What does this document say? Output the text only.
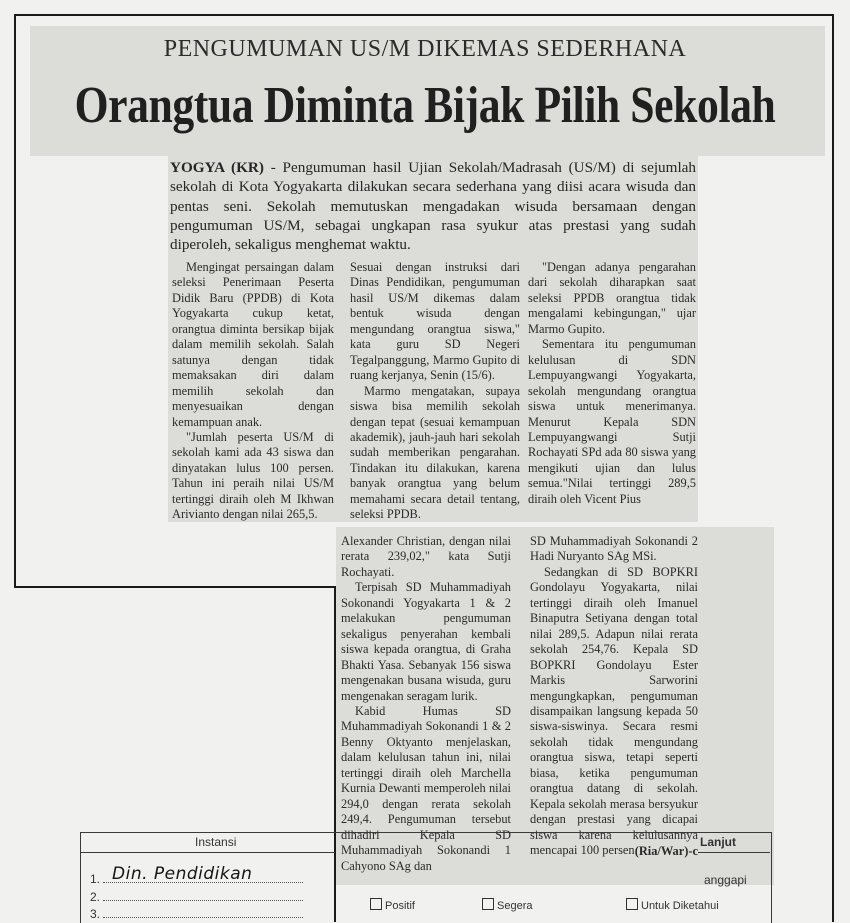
PENGUMUMAN US/M DIKEMAS SEDERHANA
Orangtua Diminta Bijak Pilih Sekolah
YOGYA (KR) - Pengumuman hasil Ujian Sekolah/Madrasah (US/M) di sejumlah sekolah di Kota Yogyakarta dilakukan secara sederhana yang diisi acara wisuda dan pentas seni. Sekolah memutuskan mengadakan wisuda bersamaan dengan pengumuman US/M, sebagai ungkapan rasa syukur atas prestasi yang sudah diperoleh, sekaligus menghemat waktu.

Mengingat persaingan dalam seleksi Penerimaan Peserta Didik Baru (PPDB) di Kota Yogyakarta cukup ketat, orangtua diminta bersikap bijak dalam memilih sekolah. Salah satunya dengan tidak memaksakan diri dalam memilih sekolah dan menyesuaikan dengan kemampuan anak.

"Jumlah peserta US/M di sekolah kami ada 43 siswa dan dinyatakan lulus 100 persen. Tahun ini peraih nilai US/M tertinggi diraih oleh M Ikhwan Arivianto dengan nilai 265,5.

Sesuai dengan instruksi dari Dinas Pendidikan, pengumuman hasil US/M dikemas dalam bentuk wisuda dengan mengundang orangtua siswa," kata guru SD Negeri Tegalpanggung, Marmo Gupito di ruang kerjanya, Senin (15/6).

Marmo mengatakan, supaya siswa bisa memilih sekolah dengan tepat (sesuai kemampuan akademik), jauh-jauh hari sekolah sudah memberikan pengarahan. Tindakan itu dilakukan, karena banyak orangtua yang belum memahami secara detail tentang, seleksi PPDB.

"Dengan adanya pengarahan dari sekolah diharapkan saat seleksi PPDB orangtua tidak mengalami kebingungan," ujar Marmo Gupito.

Sementara itu pengumuman kelulusan di SDN Lempuyangwangi Yogyakarta, sekolah mengundang orangtua siswa untuk menerimanya. Menurut Kepala SDN Lempuyangwangi Sutji Rochayati SPd ada 80 siswa yang mengikuti ujian dan lulus semua."Nilai tertinggi 289,5 diraih oleh Vicent Pius

Alexander Christian, dengan nilai rerata 239,02," kata Sutji Rochayati.

Terpisah SD Muhammadiyah Sokonandi Yogyakarta 1 & 2 melakukan pengumuman sekaligus penyerahan kembali siswa kepada orangtua, di Graha Bhakti Yasa. Sebanyak 156 siswa mengenakan busana wisuda, guru mengenakan seragam lurik.

Kabid Humas SD Muhammadiyah Sokonandi 1 & 2 Benny Oktyanto menjelaskan, dalam kelulusan tahun ini, nilai tertinggi diraih oleh Marchella Kurnia Dewanti memperoleh nilai 294,0 dengan rerata sekolah 249,4. Pengumuman tersebut dihadiri Kepala SD Muhammadiyah Sokonandi 1 Cahyono SAg dan

SD Muhammadiyah Sokonandi 2 Hadi Nuryanto SAg MSi.

Sedangkan di SD BOPKRI Gondolayu Yogyakarta, nilai tertinggi diraih oleh Imanuel Binaputra Setiyana dengan total nilai 289,5. Adapun nilai rerata sekolah 254,76. Kepala SD BOPKRI Gondolayu Ester Markis Sarworini mengungkapkan, pengumuman disampaikan langsung kepada 50 siswa-siswinya. Secara resmi sekolah tidak mengundang orangtua siswa, tetapi seperti biasa, ketika pengumuman orangtua datang di sekolah. Kepala sekolah merasa bersyukur dengan prestasi yang dicapai siswa karena kelulusannya mencapai 100 persen.

(Ria/War)-c
Instansi	Lanjut
1.
2.
3.
Din. Pendidikan	anggapi
Positif	Segera	Untuk Diketahui
